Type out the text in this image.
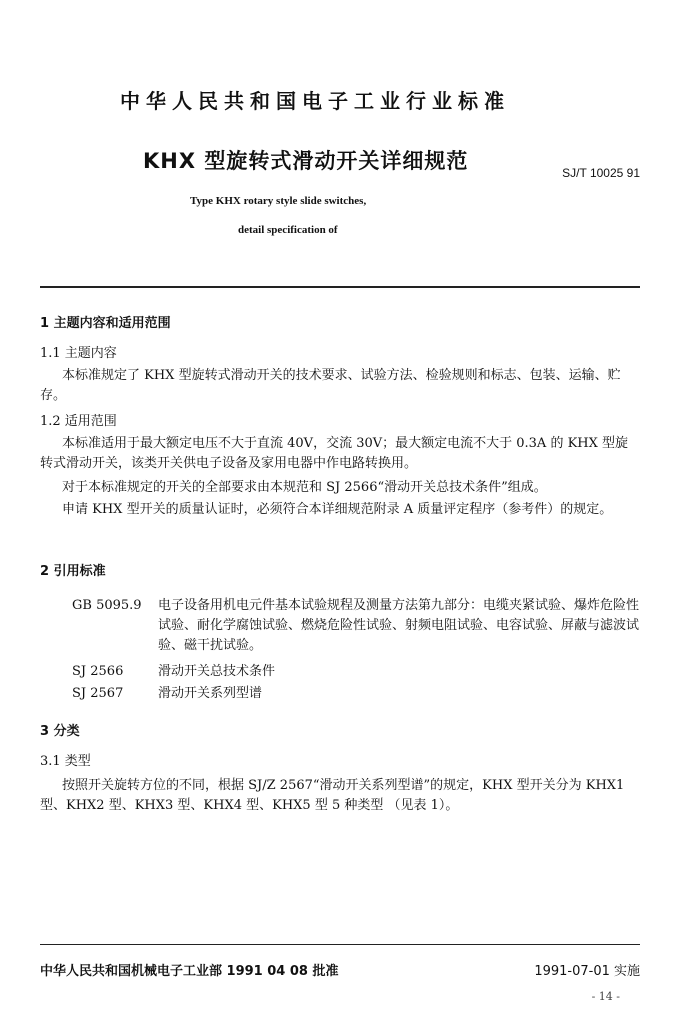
中华人民共和国电子工业行业标准
KHX 型旋转式滑动开关详细规范	SJ/T 10025 91
Type KHX rotary style slide switches,
detail specification of
1 主题内容和适用范围
1.1 主题内容
本标准规定了 KHX 型旋转式滑动开关的技术要求、试验方法、检验规则和标志、包装、运输、贮存。
1.2 适用范围
本标准适用于最大额定电压不大于直流 40V，交流 30V；最大额定电流不大于 0.3A 的 KHX 型旋转式滑动开关，该类开关供电子设备及家用电器中作电路转换用。
对于本标准规定的开关的全部要求由本规范和 SJ 2566“滑动开关总技术条件”组成。
申请 KHX 型开关的质量认证时，必须符合本详细规范附录 A 质量评定程序（参考件）的规定。
2 引用标准
GB 5095.9	电子设备用机电元件基本试验规程及测量方法第九部分：电缆夹紧试验、爆炸危险性试验、耐化学腐蚀试验、燃烧危险性试验、射频电阻试验、电容试验、屏蔽与滤波试验、磁干扰试验。
SJ 2566	滑动开关总技术条件
SJ 2567	滑动开关系列型谱
3 分类
3.1 类型
按照开关旋转方位的不同，根据 SJ/Z 2567“滑动开关系列型谱”的规定，KHX 型开关分为 KHX1 型、KHX2 型、KHX3 型、KHX4 型、KHX5 型 5 种类型 （见表 1）。
中华人民共和国机械电子工业部 1991 04 08 批准	1991-07-01 实施
- 14 -
